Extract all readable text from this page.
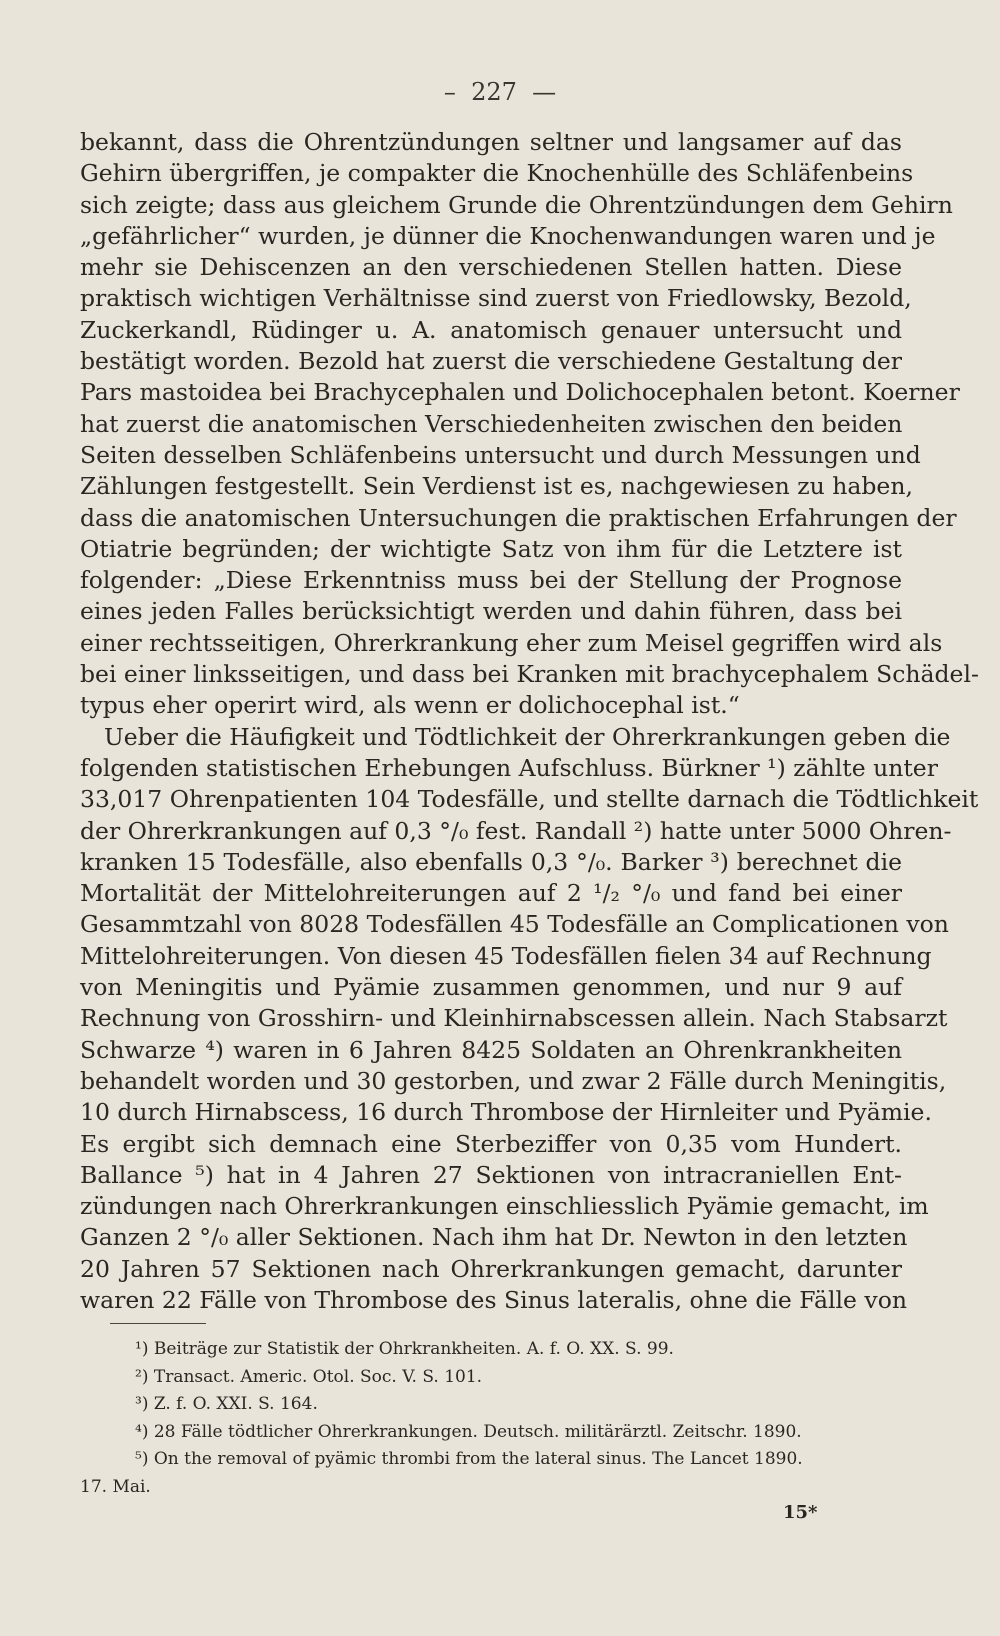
–  227  —
bekannt, dass die Ohrentzündungen seltner und langsamer auf das
Gehirn übergriffen, je compakter die Knochenhülle des Schläfenbeins
sich zeigte; dass aus gleichem Grunde die Ohrentzündungen dem Gehirn
„gefährlicher“ wurden, je dünner die Knochenwandungen waren und je
mehr sie Dehiscenzen an den verschiedenen Stellen hatten. Diese
praktisch wichtigen Verhältnisse sind zuerst von Friedlowsky, Bezold,
Zuckerkandl, Rüdinger u. A. anatomisch genauer untersucht und
bestätigt worden. Bezold hat zuerst die verschiedene Gestaltung der
Pars mastoidea bei Brachycephalen und Dolichocephalen betont. Koerner
hat zuerst die anatomischen Verschiedenheiten zwischen den beiden
Seiten desselben Schläfenbeins untersucht und durch Messungen und
Zählungen festgestellt. Sein Verdienst ist es, nachgewiesen zu haben,
dass die anatomischen Untersuchungen die praktischen Erfahrungen der
Otiatrie begründen; der wichtigte Satz von ihm für die Letztere ist
folgender: „Diese Erkenntniss muss bei der Stellung der Prognose
eines jeden Falles berücksichtigt werden und dahin führen, dass bei
einer rechtsseitigen, Ohrerkrankung eher zum Meisel gegriffen wird als
bei einer linksseitigen, und dass bei Kranken mit brachycephalem Schädel-
typus eher operirt wird, als wenn er dolichocephal ist.“
Ueber die Häufigkeit und Tödtlichkeit der Ohrerkrankungen geben die
folgenden statistischen Erhebungen Aufschluss. Bürkner ¹) zählte unter
33,017 Ohrenpatienten 104 Todesfälle, und stellte darnach die Tödtlichkeit
der Ohrerkrankungen auf 0,3 °/₀ fest. Randall ²) hatte unter 5000 Ohren-
kranken 15 Todesfälle, also ebenfalls 0,3 °/₀. Barker ³) berechnet die
Mortalität der Mittelohreiterungen auf 2 ¹/₂ °/₀ und fand bei einer
Gesammtzahl von 8028 Todesfällen 45 Todesfälle an Complicationen von
Mittelohreiterungen. Von diesen 45 Todesfällen fielen 34 auf Rechnung
von Meningitis und Pyämie zusammen genommen, und nur 9 auf
Rechnung von Grosshirn- und Kleinhirnabscessen allein. Nach Stabsarzt
Schwarze ⁴) waren in 6 Jahren 8425 Soldaten an Ohrenkrankheiten
behandelt worden und 30 gestorben, und zwar 2 Fälle durch Meningitis,
10 durch Hirnabscess, 16 durch Thrombose der Hirnleiter und Pyämie.
Es ergibt sich demnach eine Sterbeziffer von 0,35 vom Hundert.
Ballance ⁵) hat in 4 Jahren 27 Sektionen von intracraniellen Ent-
zündungen nach Ohrerkrankungen einschliesslich Pyämie gemacht, im
Ganzen 2 °/₀ aller Sektionen. Nach ihm hat Dr. Newton in den letzten
20 Jahren 57 Sektionen nach Ohrerkrankungen gemacht, darunter
waren 22 Fälle von Thrombose des Sinus lateralis, ohne die Fälle von
¹) Beiträge zur Statistik der Ohrkrankheiten. A. f. O. XX. S. 99.
²) Transact. Americ. Otol. Soc. V. S. 101.
³) Z. f. O. XXI. S. 164.
⁴) 28 Fälle tödtlicher Ohrerkrankungen. Deutsch. militärärztl. Zeitschr. 1890.
⁵) On the removal of pyämic thrombi from the lateral sinus. The Lancet 1890.
17. Mai.
15*
